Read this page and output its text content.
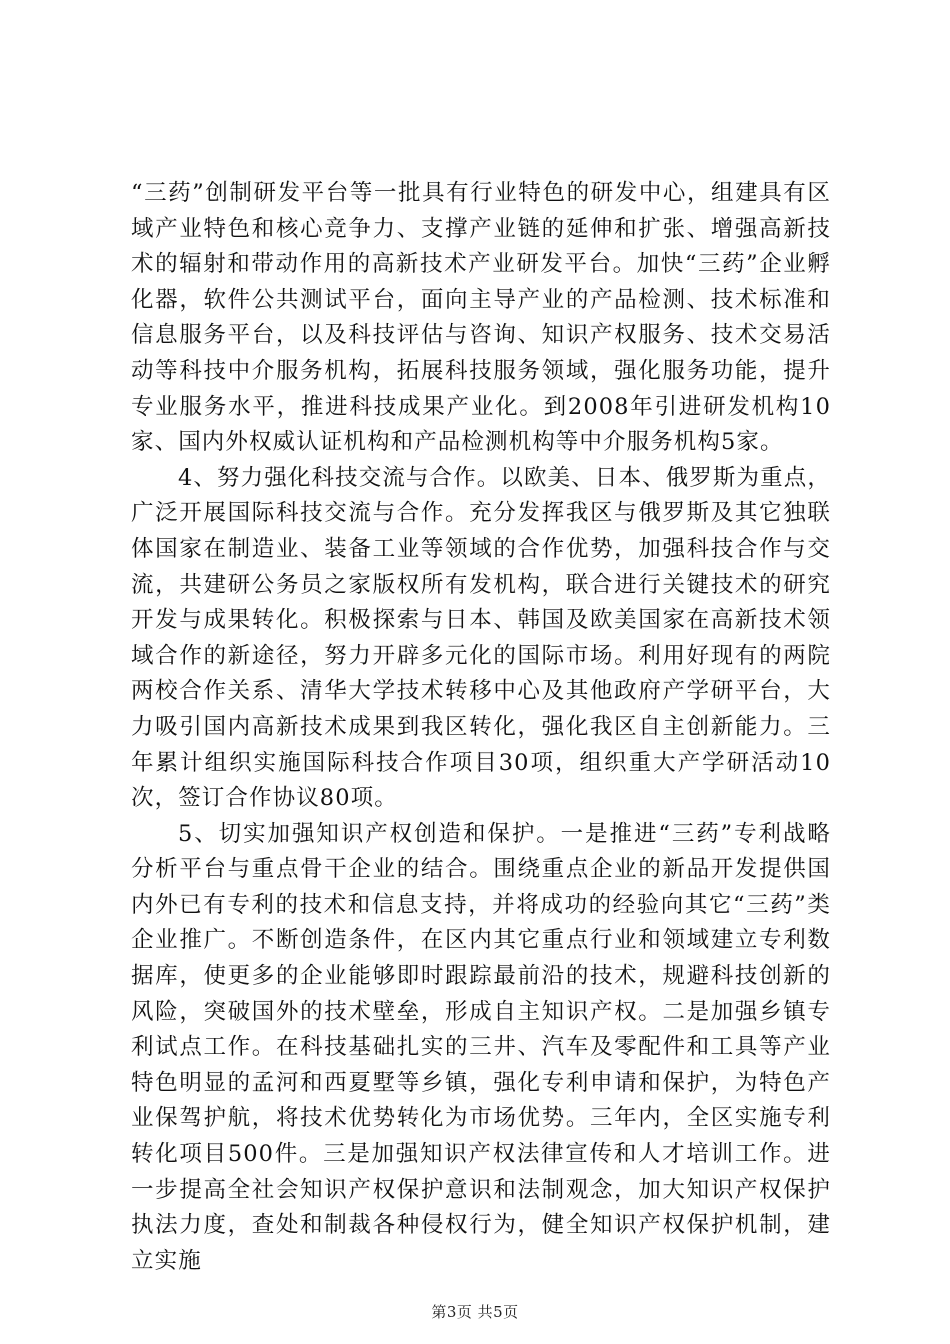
“三药”创制研发平台等一批具有行业特色的研发中心，组建具有区域产业特色和核心竞争力、支撑产业链的延伸和扩张、增强高新技术的辐射和带动作用的高新技术产业研发平台。加快“三药”企业孵化器，软件公共测试平台，面向主导产业的产品检测、技术标准和信息服务平台，以及科技评估与咨询、知识产权服务、技术交易活动等科技中介服务机构，拓展科技服务领域，强化服务功能，提升专业服务水平，推进科技成果产业化。到2008年引进研发机构10家、国内外权威认证机构和产品检测机构等中介服务机构5家。

4、努力强化科技交流与合作。以欧美、日本、俄罗斯为重点，广泛开展国际科技交流与合作。充分发挥我区与俄罗斯及其它独联体国家在制造业、装备工业等领域的合作优势，加强科技合作与交流，共建研公务员之家版权所有发机构，联合进行关键技术的研究开发与成果转化。积极探索与日本、韩国及欧美国家在高新技术领域合作的新途径，努力开辟多元化的国际市场。利用好现有的两院两校合作关系、清华大学技术转移中心及其他政府产学研平台，大力吸引国内高新技术成果到我区转化，强化我区自主创新能力。三年累计组织实施国际科技合作项目30项，组织重大产学研活动10次，签订合作协议80项。

5、切实加强知识产权创造和保护。一是推进“三药”专利战略分析平台与重点骨干企业的结合。围绕重点企业的新品开发提供国内外已有专利的技术和信息支持，并将成功的经验向其它“三药”类企业推广。不断创造条件，在区内其它重点行业和领域建立专利数据库，使更多的企业能够即时跟踪最前沿的技术，规避科技创新的风险，突破国外的技术壁垒，形成自主知识产权。二是加强乡镇专利试点工作。在科技基础扎实的三井、汽车及零配件和工具等产业特色明显的孟河和西夏墅等乡镇，强化专利申请和保护，为特色产业保驾护航，将技术优势转化为市场优势。三年内，全区实施专利转化项目500件。三是加强知识产权法律宣传和人才培训工作。进一步提高全社会知识产权保护意识和法制观念，加大知识产权保护执法力度，查处和制裁各种侵权行为，健全知识产权保护机制，建立实施

第3页 共5页
